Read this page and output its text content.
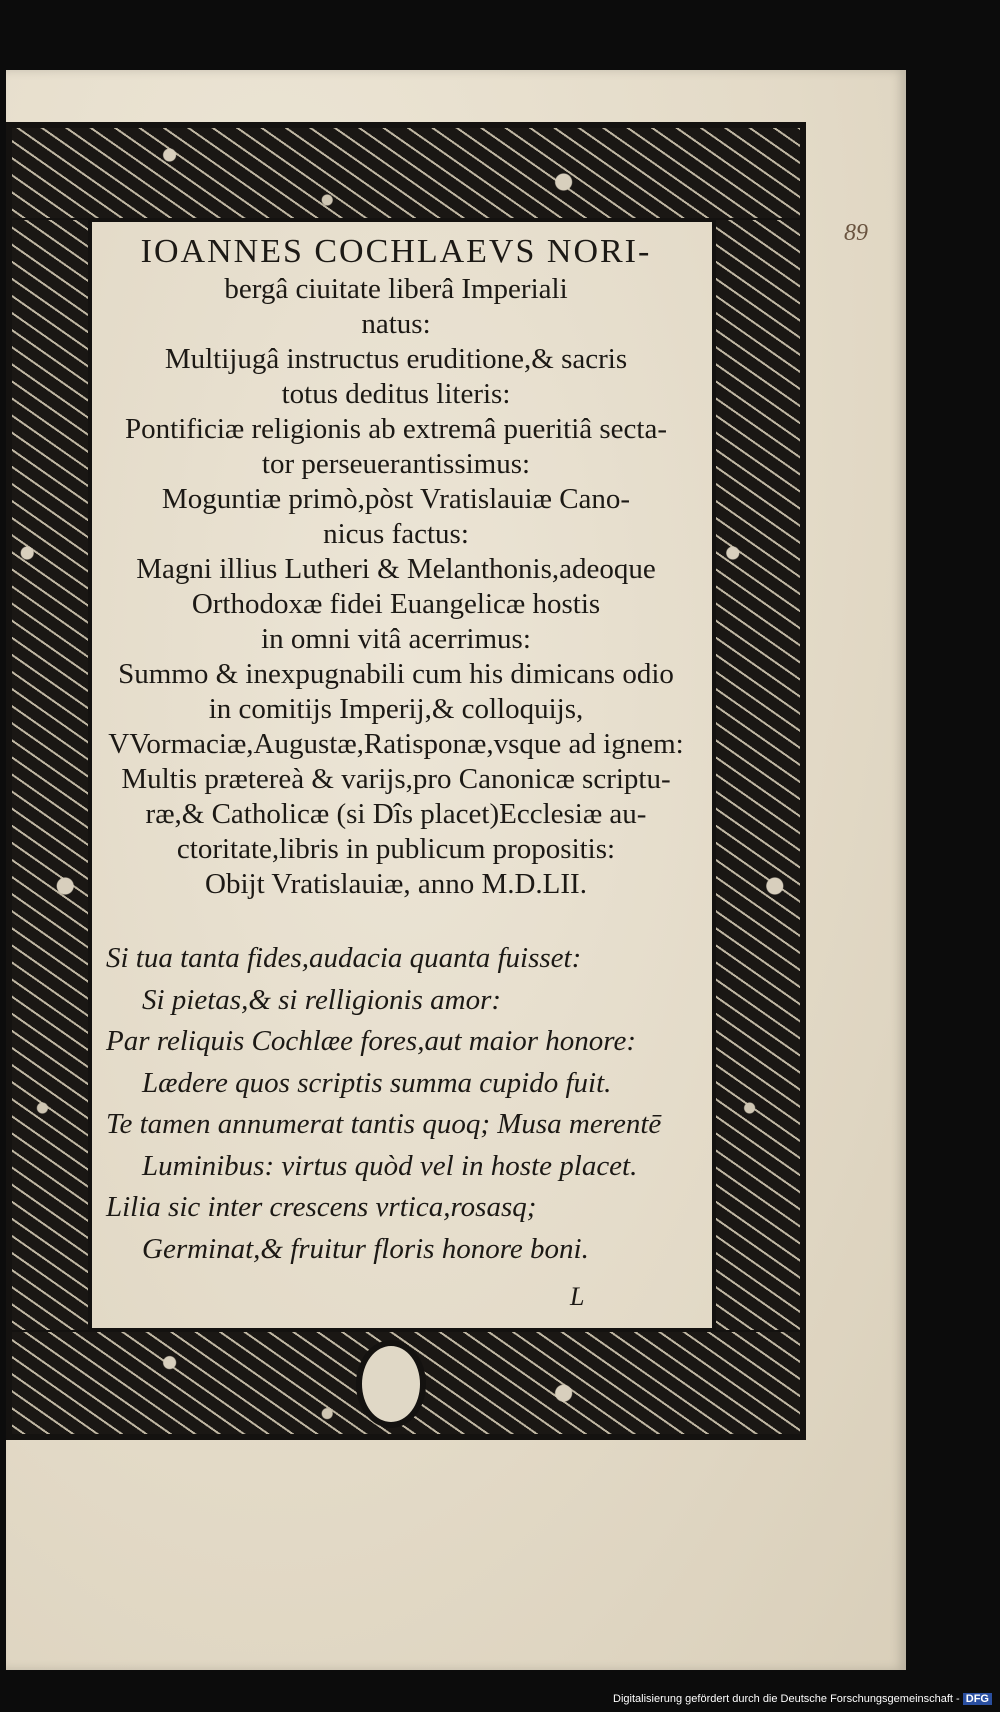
89
IOANNES COCHLAEVS NORI-
bergâ ciuitate liberâ Imperiali
natus:
Multijugâ instructus eruditione,& sacris
totus deditus literis:
Pontificiæ religionis ab extremâ pueritiâ secta-
tor perseuerantissimus:
Moguntiæ primò,pòst Vratislauiæ Cano-
nicus factus:
Magni illius Lutheri & Melanthonis,adeoque
Orthodoxæ fidei Euangelicæ hostis
in omni vitâ acerrimus:
Summo & inexpugnabili cum his dimicans odio
in comitijs Imperij,& colloquijs,
VVormaciæ,Augustæ,Ratisponæ,vsque ad ignem:
Multis prætereà & varijs,pro Canonicæ scriptu-
ræ,& Catholicæ (si Dîs placet)Ecclesiæ au-
ctoritate,libris in publicum propositis:
Obijt Vratislauiæ, anno M.D.LII.
Si tua tanta fides,audacia quanta fuisset:
Si pietas,& si relligionis amor:
Par reliquis Cochlæe fores,aut maior honore:
Lædere quos scriptis summa cupido fuit.
Te tamen annumerat tantis quoq; Musa merentē
Luminibus: virtus quòd vel in hoste placet.
Lilia sic inter crescens vrtica,rosasq;
Germinat,& fruitur floris honore boni.
L
Digitalisierung gefördert durch die Deutsche Forschungsgemeinschaft - DFG
